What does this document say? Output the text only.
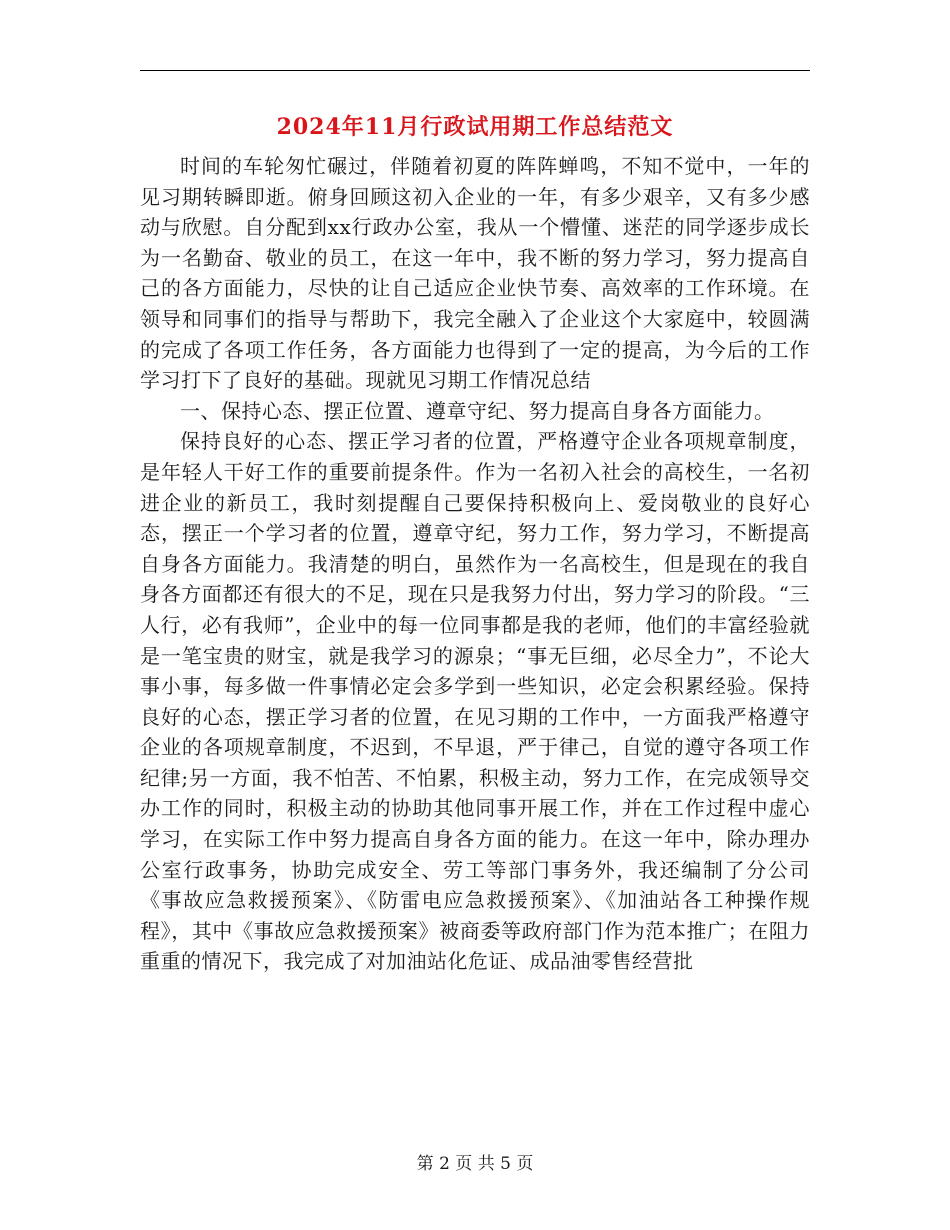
2024年11月行政试用期工作总结范文

时间的车轮匆忙碾过，伴随着初夏的阵阵蝉鸣，不知不觉中，一年的见习期转瞬即逝。俯身回顾这初入企业的一年，有多少艰辛，又有多少感动与欣慰。自分配到xx行政办公室，我从一个懵懂、迷茫的同学逐步成长为一名勤奋、敬业的员工，在这一年中，我不断的努力学习，努力提高自己的各方面能力，尽快的让自己适应企业快节奏、高效率的工作环境。在领导和同事们的指导与帮助下，我完全融入了企业这个大家庭中，较圆满的完成了各项工作任务，各方面能力也得到了一定的提高，为今后的工作学习打下了良好的基础。现就见习期工作情况总结

一、保持心态、摆正位置、遵章守纪、努力提高自身各方面能力。

保持良好的心态、摆正学习者的位置，严格遵守企业各项规章制度，是年轻人干好工作的重要前提条件。作为一名初入社会的高校生，一名初进企业的新员工，我时刻提醒自己要保持积极向上、爱岗敬业的良好心态，摆正一个学习者的位置，遵章守纪，努力工作，努力学习，不断提高自身各方面能力。我清楚的明白，虽然作为一名高校生，但是现在的我自身各方面都还有很大的不足，现在只是我努力付出，努力学习的阶段。“三人行，必有我师”，企业中的每一位同事都是我的老师，他们的丰富经验就是一笔宝贵的财宝，就是我学习的源泉；“事无巨细，必尽全力”，不论大事小事，每多做一件事情必定会多学到一些知识，必定会积累经验。保持良好的心态，摆正学习者的位置，在见习期的工作中，一方面我严格遵守企业的各项规章制度，不迟到，不早退，严于律己，自觉的遵守各项工作纪律;另一方面，我不怕苦、不怕累，积极主动，努力工作，在完成领导交办工作的同时，积极主动的协助其他同事开展工作，并在工作过程中虚心学习，在实际工作中努力提高自身各方面的能力。在这一年中，除办理办公室行政事务，协助完成安全、劳工等部门事务外，我还编制了分公司《事故应急救援预案》、《防雷电应急救援预案》、《加油站各工种操作规程》，其中《事故应急救援预案》被商委等政府部门作为范本推广；在阻力重重的情况下，我完成了对加油站化危证、成品油零售经营批

第 2 页 共 5 页
